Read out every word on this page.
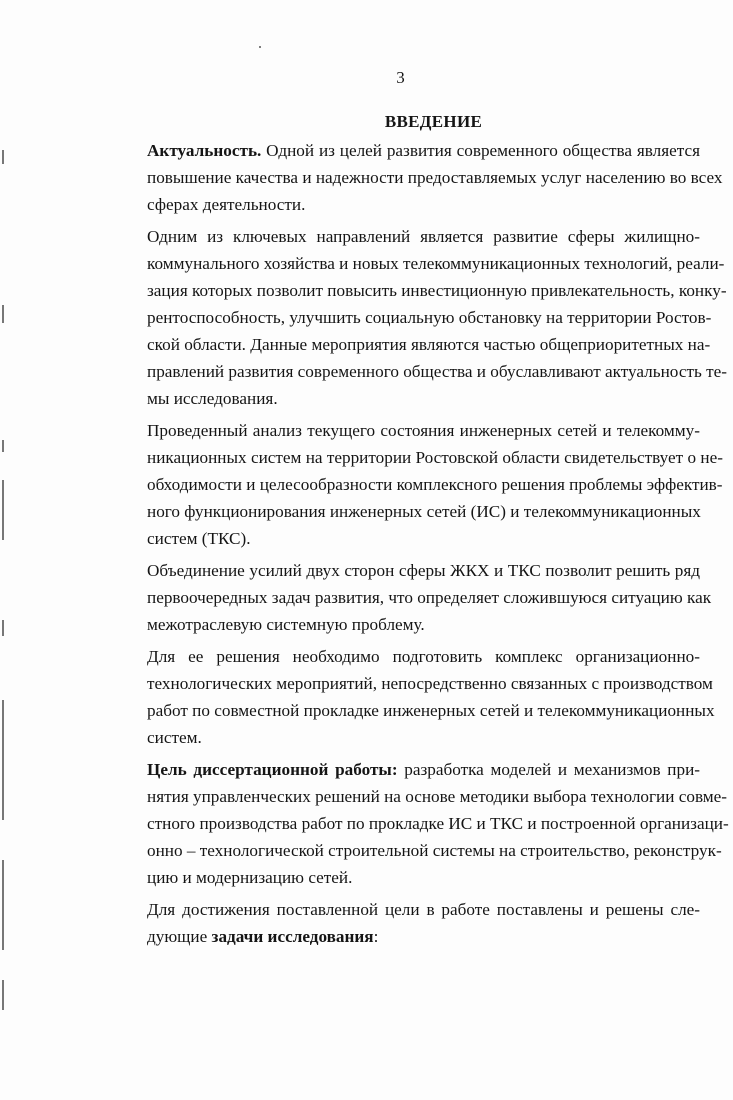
3
ВВЕДЕНИЕ
Актуальность. Одной из целей развития современного общества является
повышение качества и надежности предоставляемых услуг населению во всех
сферах деятельности.
Одним из ключевых направлений является развитие сферы жилищно-
коммунального хозяйства и новых телекоммуникационных технологий, реали-
зация которых позволит повысить инвестиционную привлекательность, конку-
рентоспособность, улучшить социальную обстановку на территории Ростов-
ской области. Данные мероприятия являются частью общеприоритетных на-
правлений развития современного общества и обуславливают актуальность те-
мы исследования.
Проведенный анализ текущего состояния инженерных сетей и телекомму-
никационных систем на территории Ростовской области свидетельствует о не-
обходимости и целесообразности комплексного решения проблемы эффектив-
ного функционирования инженерных сетей (ИС) и телекоммуникационных
систем (ТКС).
Объединение усилий двух сторон сферы ЖКХ и ТКС позволит решить ряд
первоочередных задач развития, что определяет сложившуюся ситуацию как
межотраслевую системную проблему.
Для ее решения необходимо подготовить комплекс организационно-
технологических мероприятий, непосредственно связанных с производством
работ по совместной прокладке инженерных сетей и телекоммуникационных
систем.
Цель диссертационной работы: разработка моделей и механизмов при-
нятия управленческих решений на основе методики выбора технологии совме-
стного производства работ по прокладке ИС и ТКС и построенной организаци-
онно – технологической строительной системы на строительство, реконструк-
цию и модернизацию сетей.
Для достижения поставленной цели в работе поставлены и решены сле-
дующие задачи исследования:
